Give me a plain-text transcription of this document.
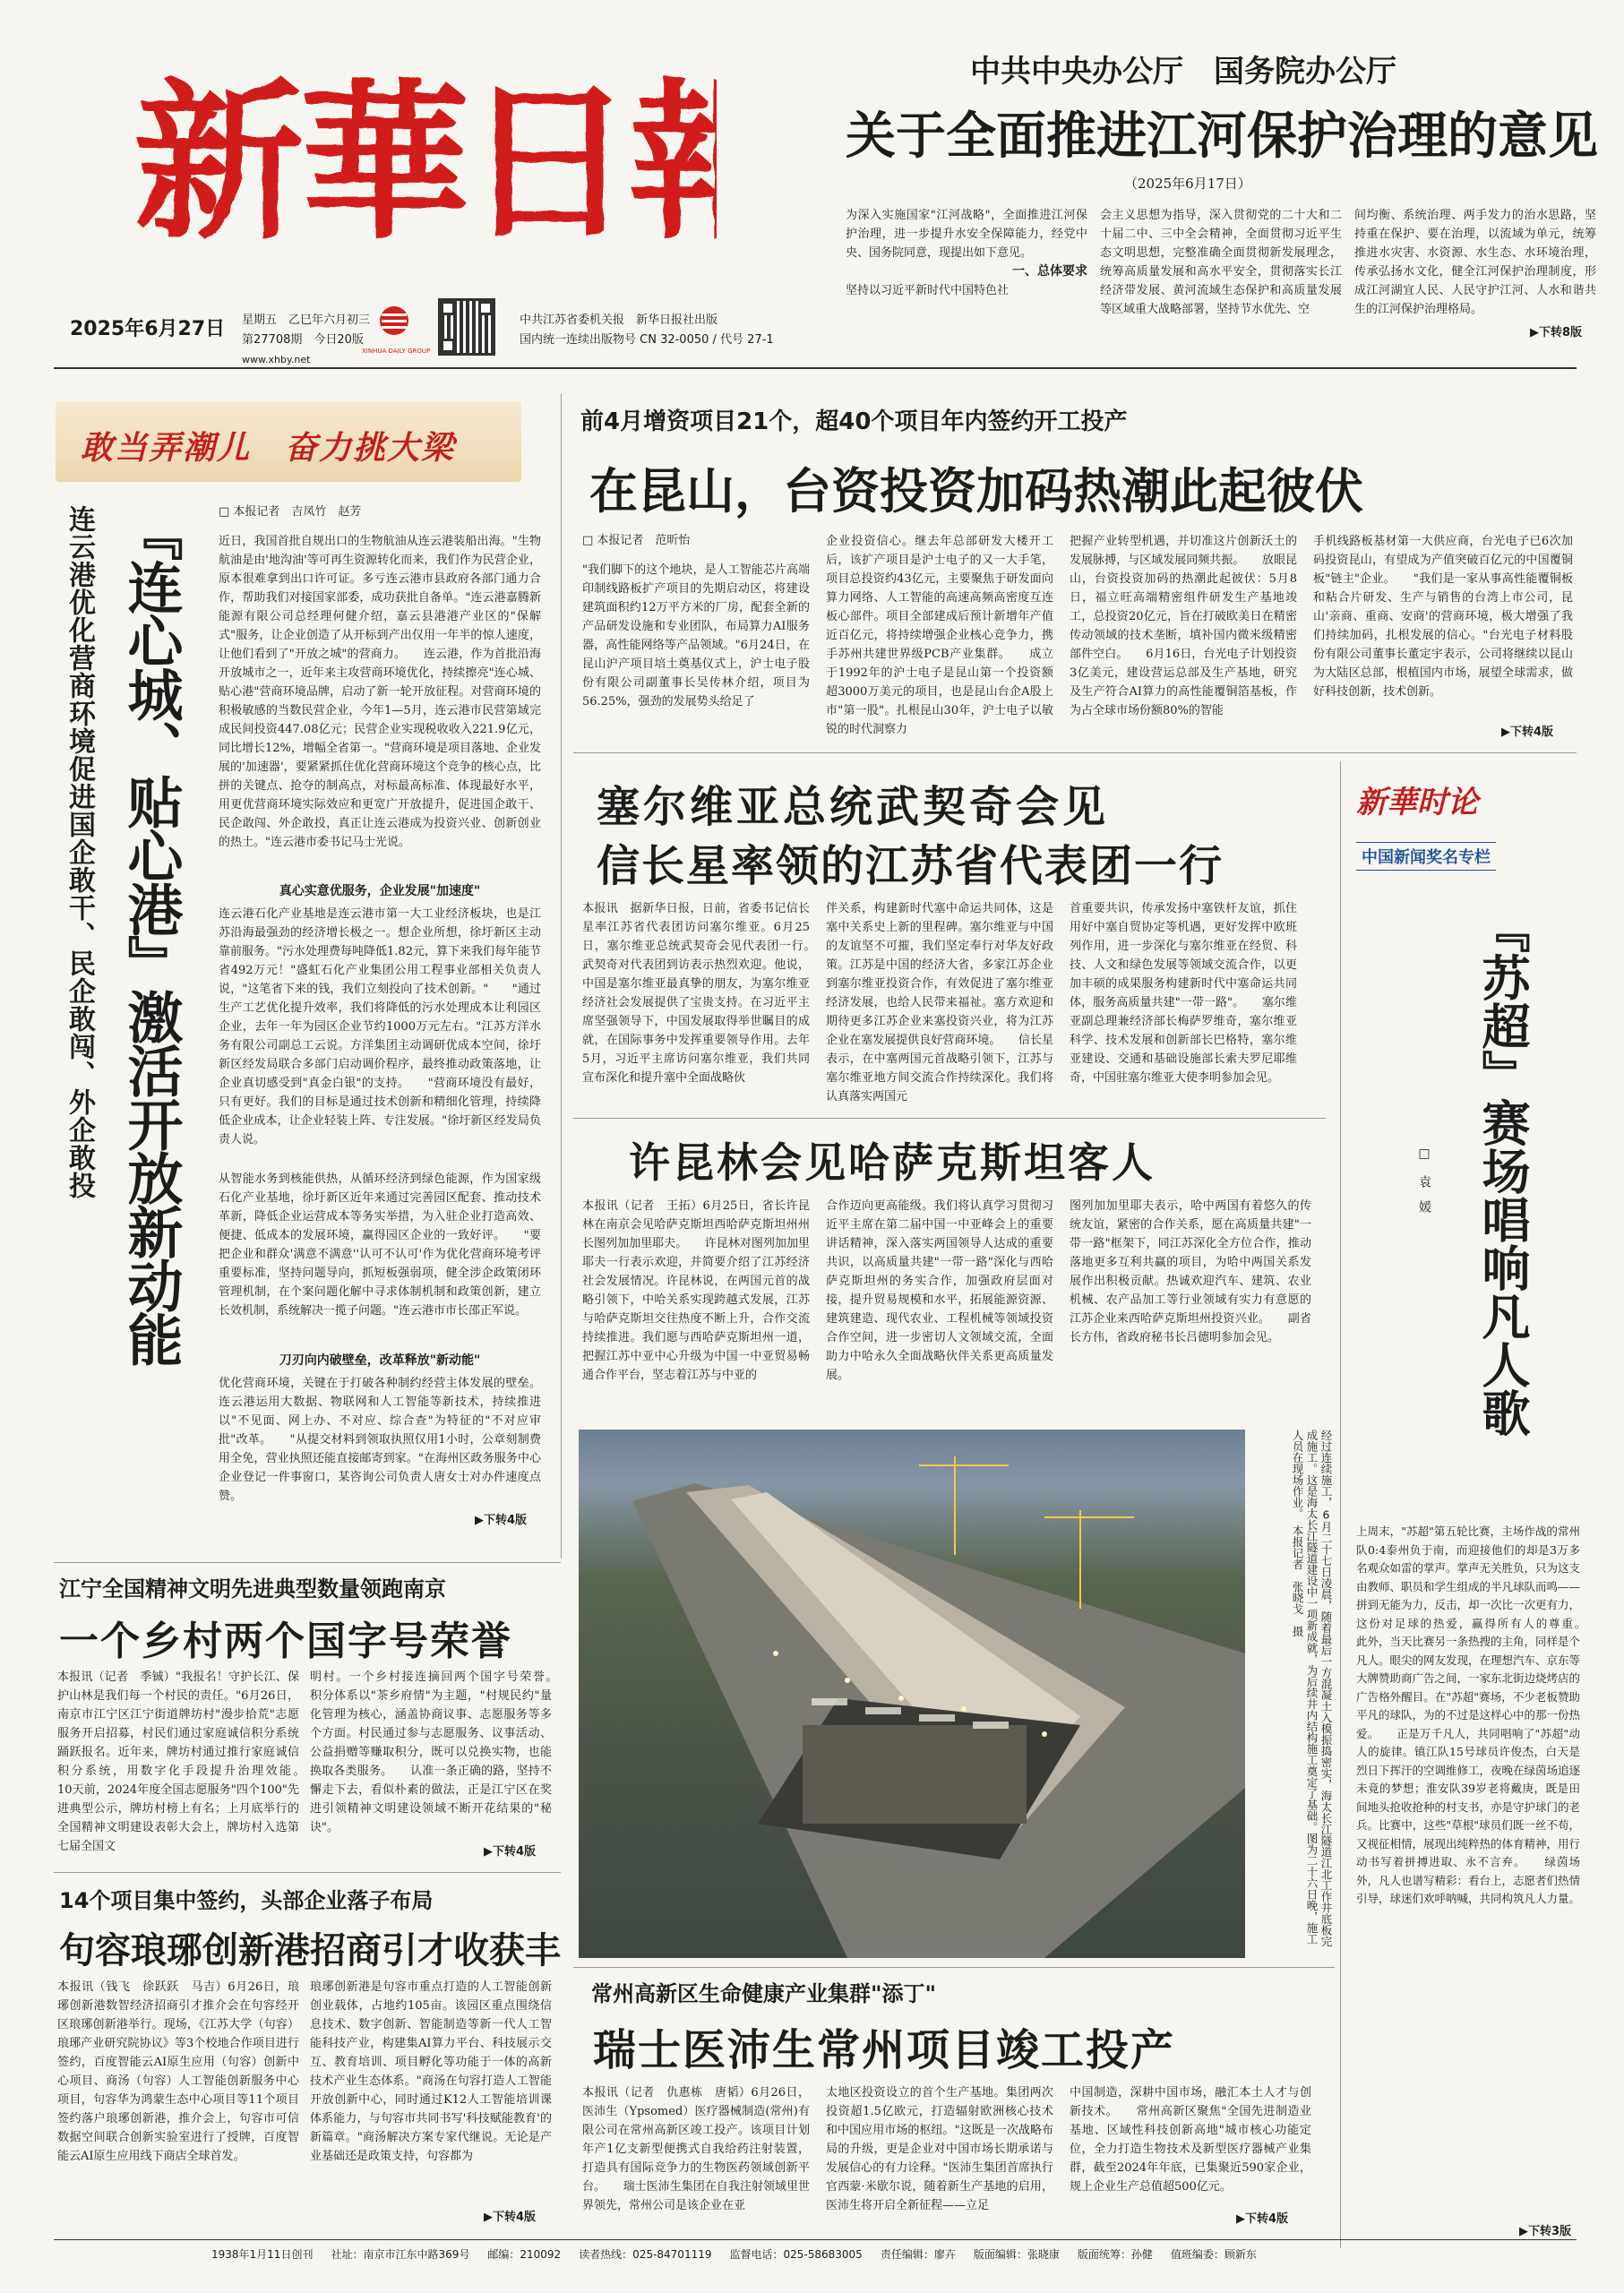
新華日報
2025年6月27日 星期五　乙巳年六月初三
第27708期　今日20版
XINHUA DAILY GROUP
中共江苏省委机关报　新华日报社出版
国内统一连续出版物号 CN 32-0050 / 代号 27-1
www.xhby.net
中共中央办公厅　国务院办公厅
关于全面推进江河保护治理的意见
（2025年6月17日）
为深入实施国家"江河战略"，全面推进江河保护治理，进一步提升水安全保障能力，经党中央、国务院同意，现提出如下意见。

一、总体要求
坚持以习近平新时代中国特色社
会主义思想为指导，深入贯彻党的二十大和二十届二中、三中全会精神，全面贯彻习近平生态文明思想，完整准确全面贯彻新发展理念，统筹高质量发展和高水平安全，贯彻落实长江经济带发展、黄河流域生态保护和高质量发展等区域重大战略部署，坚持节水优先、空
间均衡、系统治理、两手发力的治水思路，坚持重在保护、要在治理，以流域为单元，统筹推进水灾害、水资源、水生态、水环境治理，传承弘扬水文化，健全江河保护治理制度，形成江河湖宜人民、人民守护江河、人水和谐共生的江河保护治理格局。
▶下转8版
敢当弄潮儿　奋力挑大梁
连云港优化营商环境促进国企敢干、民企敢闯、外企敢投 『连心城、贴心港』激活开放新动能	□ 本报记者　吉凤竹　赵芳
近日，我国首批自规出口的生物航油从连云港装船出海。"生物航油是由'地沟油'等可再生资源转化而来，我们作为民营企业，原本很难拿到出口许可证。多亏连云港市县政府各部门通力合作，帮助我们对接国家部委，成功获批自备单。"连云港嘉腾新能源有限公司总经理何健介绍，嘉云县港港产业区的"保解式"服务，让企业创造了从开标到产出仅用一年半的惊人速度，让他们看到了"开放之城"的营商力。　　连云港，作为首批沿海开放城市之一，近年来主攻营商环境优化，持续擦亮"连心城、贴心港"营商环境品牌，启动了新一轮开放征程。对营商环境的积极敏感的当数民营企业，今年1—5月，连云港市民营第域完成民间投资447.08亿元；民营企业实现税收收入221.9亿元，同比增长12%，增幅全省第一。"营商环境是项目落地、企业发展的'加速器'，要紧紧抓住优化营商环境这个竞争的核心点，比拼的关键点、抢夺的制高点，对标最高标准、体现最好水平，用更优营商环境实际效应和更宽广开放提升，促进国企敢干、民企敢闯、外企敢投，真正让连云港成为投资兴业、创新创业的热土。"连云港市委书记马士光说。
真心实意优服务，企业发展"加速度"
连云港石化产业基地是连云港市第一大工业经济板块，也是江苏沿海最强劲的经济增长极之一。想企业所想，徐圩新区主动靠前服务。"污水处理费每吨降低1.82元，算下来我们每年能节省492万元！"盛虹石化产业集团公用工程事业部相关负责人说，"这笔省下来的钱，我们立刻投向了技术创新。"　　"通过生产工艺优化提升效率，我们将降低的污水处理成本让利园区企业，去年一年为园区企业节约1000万元左右。"江苏方洋水务有限公司副总工云说。方洋集团主动调研优成本空间，徐圩新区经发局联合多部门启动调价程序，最终推动政策落地，让企业真切感受到"真金白银"的支持。　　"营商环境没有最好，只有更好。我们的目标是通过技术创新和精细化管理，持续降低企业成本，让企业轻装上阵、专注发展。"徐圩新区经发局负责人说。
从智能水务到核能供热，从循环经济到绿色能源，作为国家级石化产业基地，徐圩新区近年来通过完善园区配套、推动技术革新，降低企业运营成本等务实举措，为入驻企业打造高效、便捷、低成本的发展环境，赢得园区企业的一致好评。　　"要把企业和群众'满意不满意''认可不认可'作为优化营商环境考评重要标准，坚持问题导向，抓短板强弱项，健全涉企政策闭环管理机制，在个案问题化解中寻求体制机制和政策创新，建立长效机制，系统解决一揽子问题。"连云港市市长邵正军说。
刀刃向内破壁垒，改革释放"新动能"
优化营商环境，关键在于打破各种制约经营主体发展的壁垒。连云港运用大数据、物联网和人工智能等新技术，持续推进以"不见面、网上办、不对应、综合查"为特征的"不对应审批"改革。　　"从提交材料到领取执照仅用1小时，公章刻制费用全免，营业执照还能直接邮寄到家。"在海州区政务服务中心企业登记一件事窗口，某咨询公司负责人唐女士对办件速度点赞。
▶下转4版
前4月增资项目21个，超40个项目年内签约开工投产
在昆山，台资投资加码热潮此起彼伏
□ 本报记者　范昕怡
"我们脚下的这个地块，是人工智能芯片高端印制线路板扩产项目的先期启动区，将建设建筑面积约12万平方米的厂房，配套全新的产品研发设施和专业团队，布局算力AI服务器，高性能网络等产品领域。"6月24日，在昆山沪产项目培土奠基仪式上，沪士电子股份有限公司副董事长吴传林介绍，项目为56.25%，强劲的发展势头给足了
企业投资信心。继去年总部研发大楼开工后，该扩产项目是沪士电子的又一大手笔，项目总投资约43亿元，主要聚焦于研发面向算力网络、人工智能的高速高频高密度互连板心部件。项目全部建成后预计新增年产值近百亿元，将持续增强企业核心竞争力，携手苏州共建世界级PCB产业集群。　　成立于1992年的沪士电子是昆山第一个投资额超3000万美元的项目，也是昆山台企A股上市"第一股"。扎根昆山30年，沪士电子以敏锐的时代洞察力
把握产业转型机遇，并切准这片创新沃土的发展脉搏，与区域发展同频共振。　　放眼昆山，台资投资加码的热潮此起彼伏：5月8日，福立旺高端精密组件研发生产基地竣工，总投资20亿元，旨在打破欧美日在精密传动领域的技术垄断，填补国内微米级精密部件空白。　　6月16日，台光电子计划投资3亿美元，建设营运总部及生产基地，研究及生产符合AI算力的高性能覆铜箔基板，作为占全球市场份额80%的智能
手机线路板基材第一大供应商，台光电子已6次加码投资昆山，有望成为产值突破百亿元的中国覆铜板"链主"企业。　　"我们是一家从事高性能覆铜板和粘合片研发、生产与销售的台湾上市公司，昆山'亲商、重商、安商'的营商环境，极大增强了我们持续加码，扎根发展的信心。"台光电子材料股份有限公司董事长董定宇表示，公司将继续以昆山为大陆区总部，根植国内市场，展望全球需求，做好科技创新，技术创新。
▶下转4版
塞尔维亚总统武契奇会见
信长星率领的江苏省代表团一行
本报讯　据新华日报，日前，省委书记信长星率江苏省代表团访问塞尔维亚。6月25日，塞尔维亚总统武契奇会见代表团一行。　　武契奇对代表团到访表示热烈欢迎。他说，中国是塞尔维亚最真挚的朋友，为塞尔维亚经济社会发展提供了宝贵支持。在习近平主席坚强领导下，中国发展取得举世瞩目的成就，在国际事务中发挥重要领导作用。去年5月，习近平主席访问塞尔维亚，我们共同宣布深化和提升塞中全面战略伙
伴关系，构建新时代塞中命运共同体，这是塞中关系史上新的里程碑。塞尔维亚与中国的友谊坚不可摧，我们坚定奉行对华友好政策。江苏是中国的经济大省，多家江苏企业到塞尔维亚投资合作，有效促进了塞尔维亚经济发展，也给人民带来福祉。塞方欢迎和期待更多江苏企业来塞投资兴业，将为江苏企业在塞发展提供良好营商环境。　　信长星表示，在中塞两国元首战略引领下，江苏与塞尔维亚地方间交流合作持续深化。我们将认真落实两国元
首重要共识，传承发扬中塞铁杆友谊，抓住用好中塞自贸协定等机遇，更好发挥中欧班列作用，进一步深化与塞尔维亚在经贸、科技、人文和绿色发展等领域交流合作，以更加丰硕的成果服务构建新时代中塞命运共同体，服务高质量共建"一带一路"。　　塞尔维亚副总理兼经济部长梅萨罗维奇，塞尔维亚科学、技术发展和创新部长巴格特，塞尔维亚建设、交通和基础设施部长索夫罗尼耶维奇，中国驻塞尔维亚大使李明参加会见。
新華时论
中国新闻奖名专栏
『苏超』赛场唱响凡人歌
□ 袁　媛
上周末，"苏超"第五轮比赛，主场作战的常州队0:4泰州负于南，而迎接他们的却是3万多名观众如雷的掌声。掌声无关胜负，只为这支由教师、职员和学生组成的半凡球队而鸣——拼到无能为力，反击，却一次比一次更有力，这份对足球的热爱，赢得所有人的尊重。　　此外，当天比赛另一条热搜的主角，同样是个凡人。眼尖的网友发现，在理想汽车、京东等大牌赞助商广告之间，一家东北街边烧烤店的广告格外醒目。在"苏超"赛场，不少老板赞助平凡的球队，为的不过是这样心中的那一份热爱。　　正是万千凡人，共同唱响了"苏超"动人的旋律。镇江队15号球员许俊杰，白天是烈日下挥汗的空调维修工，夜晚在绿茵场追逐未竟的梦想；淮安队39岁老将戴庚，既是田间地头抢收抢种的村支书，亦是守护球门的老兵。比赛中，这些"草根"球员们既一丝不苟，又视征相情，展现出纯粹热的体育精神，用行动书写着拼搏进取、永不言弃。　　绿茵场外，凡人也谱写精彩：看台上，志愿者们热情引导，球迷们欢呼呐喊，共同构筑凡人力量。
▶下转3版
许昆林会见哈萨克斯坦客人
本报讯（记者　王拓）6月25日，省长许昆林在南京会见哈萨克斯坦西哈萨克斯坦州州长图列加加里耶夫。　　许昆林对图列加加里耶夫一行表示欢迎，并简要介绍了江苏经济社会发展情况。许昆林说，在两国元首的战略引领下，中哈关系实现跨越式发展，江苏与哈萨克斯坦交往热度不断上升，合作交流持续推进。我们愿与西哈萨克斯坦州一道，把握江苏中亚中心升级为中国一中亚贸易畅通合作平台，坚志着江苏与中亚的
合作迈向更高能级。我们将认真学习贯彻习近平主席在第二届中国一中亚峰会上的重要讲话精神，深入落实两国领导人达成的重要共识，以高质量共建"一带一路"深化与西哈萨克斯坦州的务实合作，加强政府层面对接，提升贸易规模和水平，拓展能源资源、建筑建造、现代农业、工程机械等领域投资合作空间，进一步密切人文领域交流，全面助力中哈永久全面战略伙伴关系更高质量发展。
图列加加里耶夫表示，哈中两国有着悠久的传统友谊，紧密的合作关系，愿在高质量共建"一带一路"框架下，同江苏深化全方位合作，推动落地更多互利共赢的项目，为哈中两国关系发展作出积极贡献。热诚欢迎汽车、建筑、农业机械、农产品加工等行业领域有实力有意愿的江苏企业来西哈萨克斯坦州投资兴业。　　副省长方伟，省政府秘书长吕德明参加会见。
经过连续施工，6月二十七日凌晨，随着最后一方混凝土入模振捣密实，海太长江隧道江北工作井底板完成施工。这是海太长江隧道建设中一项新成就，为后续井内结构施工奠定了基础。图为二十六日晚，施工人员在现场作业。　本报记者　张晓戈　摄
江宁全国精神文明先进典型数量领跑南京
一个乡村两个国字号荣誉
本报讯（记者　季铖）"我报名！守护长江、保护山林是我们每一个村民的责任。"6月26日，南京市江宁区江宁街道牌坊村"漫步拾荒"志愿服务开启招募，村民们通过家庭诚信积分系统踊跃报名。近年来，牌坊村通过推行家庭诚信积分系统，用数字化手段提升治理效能。　　10天前，2024年度全国志愿服务"四个100"先进典型公示，牌坊村榜上有名；上月底举行的全国精神文明建设表彰大会上，牌坊村入选第七届全国文
明村。一个乡村接连摘回两个国字号荣誉。　　积分体系以"茶乡府情"为主题，"村规民约"量化管理为核心，涵盖协商议事、志愿服务等多个方面。村民通过参与志愿服务、议事活动、公益捐赠等赚取积分，既可以兑换实物，也能换取各类服务。　　认准一条正确的路，坚持不懈走下去，看似朴素的做法，正是江宁区在奖进引领精神文明建设领域不断开花结果的"秘诀"。
▶下转4版
14个项目集中签约，头部企业落子布局
句容琅琊创新港招商引才收获丰
本报讯（钱飞　徐跃跃　马吉）6月26日，琅琊创新港数智经济招商引才推介会在句容经开区琅琊创新港举行。现场，《江苏大学（句容）琅琊产业研究院协议》等3个校地合作项目进行签约，百度智能云AI原生应用（句容）创新中心项目、商汤（句容）人工智能创新服务中心项目，句容华为鸿蒙生态中心项目等11个项目签约落户琅琊创新港，推介会上，句容市可信数据空间联合创新实验室进行了授牌，百度智能云AI原生应用线下商店全球首发。
琅琊创新港是句容市重点打造的人工智能创新创业载体，占地约105亩。该园区重点围绕信息技术、数字创新、智能制造等新一代人工智能科技产业，构建集AI算力平台、科技展示交互、教育培训、项目孵化等功能于一体的高新技术产业生态体系。"商汤在句容打造人工智能开放创新中心，同时通过K12人工智能培训课体系能力，与句容市共同书写'科技赋能教育'的新篇章。"商汤解决方案专家代继说。无论是产业基础还是政策支持，句容都为
▶下转4版
常州高新区生命健康产业集群"添丁"
瑞士医沛生常州项目竣工投产
本报讯（记者　仇惠栋　唐韬）6月26日，医沛生（Ypsomed）医疗器械制造(常州)有限公司在常州高新区竣工投产。该项目计划年产1亿支新型便携式自我给药注射装置，打造具有国际竞争力的生物医药领域创新平台。　　瑞士医沛生集团在自我注射领域里世界领先，常州公司是该企业在亚
太地区投资设立的首个生产基地。集团两次投资超1.5亿欧元，打造辐射欧洲核心技术和中国应用市场的枢纽。"这既是一次战略布局的升级，更是企业对中国市场长期承诺与发展信心的有力诠释。"医沛生集团首席执行官西蒙·米歇尔说，随着新生产基地的启用，医沛生将开启全新征程——立足
中国制造，深耕中国市场，融汇本土人才与创新技术。　　常州高新区聚焦"全国先进制造业基地、区域性科技创新高地"城市核心功能定位，全力打造生物技术及新型医疗器械产业集群，截至2024年年底，已集聚近590家企业，规上企业生产总值超500亿元。
▶下转4版
1938年1月11日创刊 社址：南京市江东中路369号 邮编：210092 读者热线：025-84701119 监督电话：025-58683005 责任编辑：廖卉 版面编辑：张晓康 版面统筹：孙健 值班编委：顾新东
